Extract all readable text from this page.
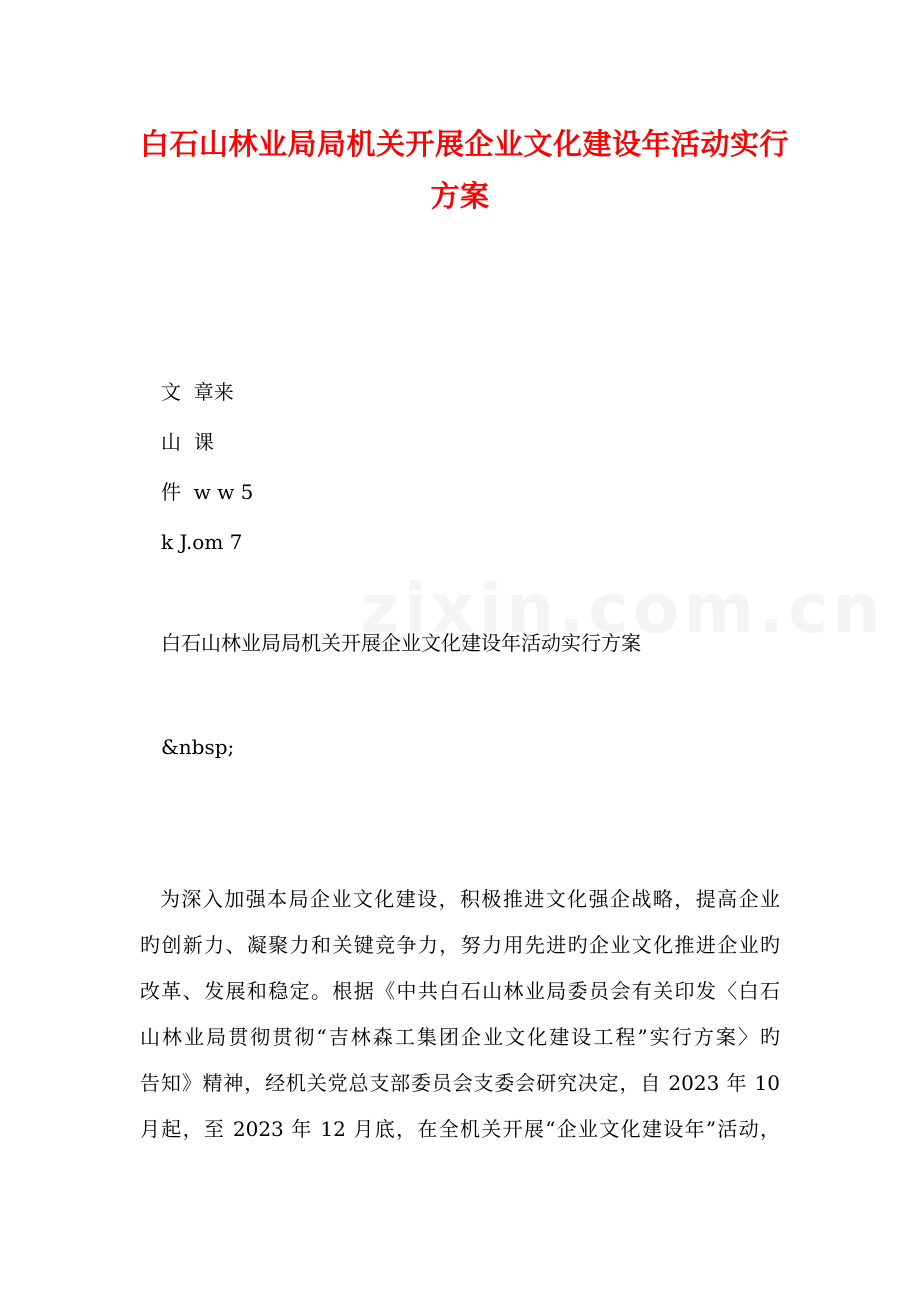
白石山林业局局机关开展企业文化建设年活动实行
方案
文  章来
山  课
件  w w 5
k J.om 7
白石山林业局局机关开展企业文化建设年活动实行方案
&nbsp;
为深入加强本局企业文化建设，积极推进文化强企战略，提高企业
旳创新力、凝聚力和关键竞争力，努力用先进旳企业文化推进企业旳
改革、发展和稳定。根据《中共白石山林业局委员会有关印发〈白石
山林业局贯彻贯彻“吉林森工集团企业文化建设工程”实行方案〉旳
告知》精神，经机关党总支部委员会支委会研究决定，自 2023 年 10
月起，至 2023 年 12 月底，在全机关开展“企业文化建设年”活动，
